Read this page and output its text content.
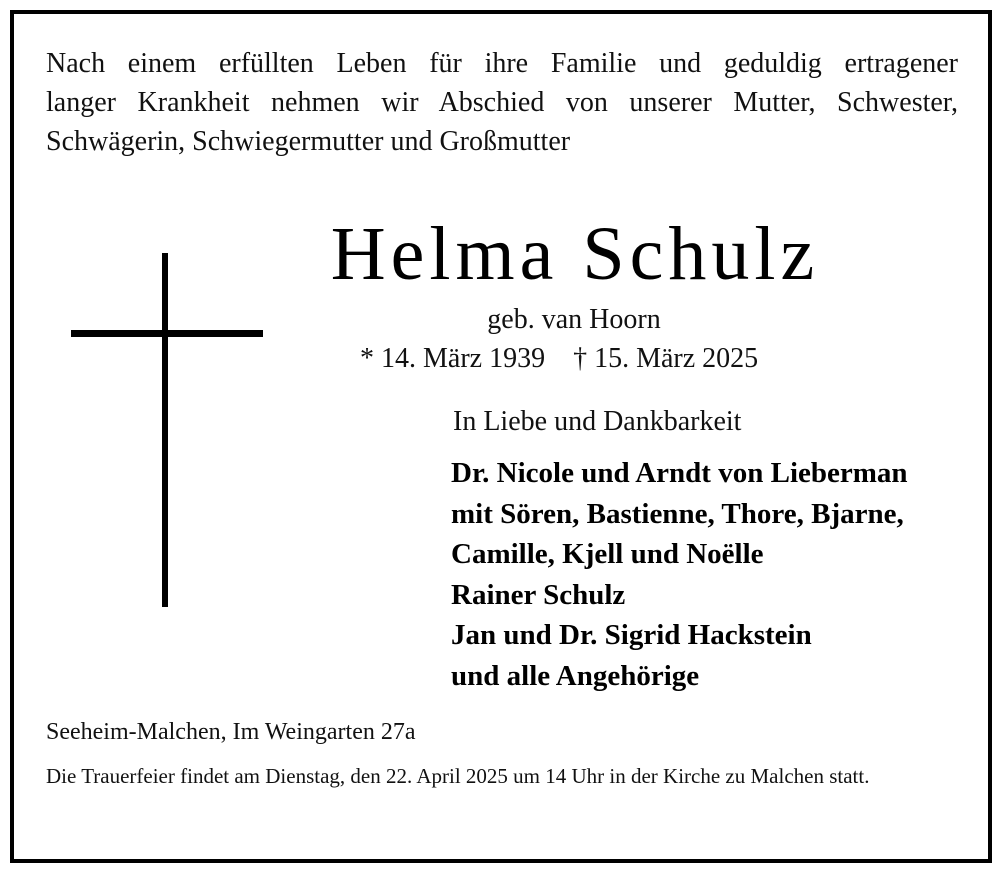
Nach einem erfüllten Leben für ihre Familie und geduldig ertragener
langer Krankheit nehmen wir Abschied von unserer Mutter, Schwester,
Schwägerin, Schwiegermutter und Großmutter
Helma Schulz
geb. van Hoorn
* 14. März 1939 † 15. März 2025
In Liebe und Dankbarkeit
Dr. Nicole und Arndt von Lieberman
mit Sören, Bastienne, Thore, Bjarne,
Camille, Kjell und Noëlle
Rainer Schulz
Jan und Dr. Sigrid Hackstein
und alle Angehörige
Seeheim-Malchen, Im Weingarten 27a
Die Trauerfeier findet am Dienstag, den 22. April 2025 um 14 Uhr in der Kirche zu Malchen statt.
